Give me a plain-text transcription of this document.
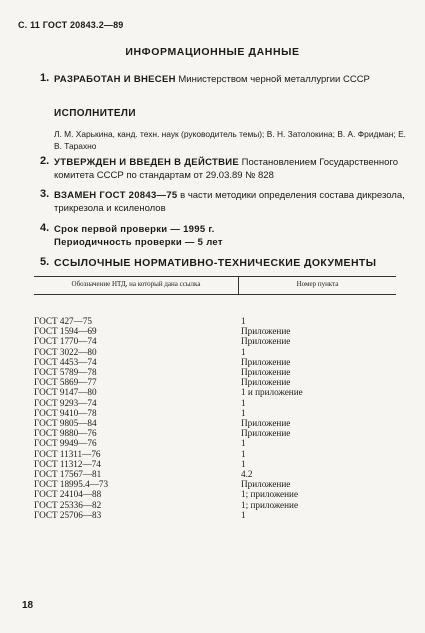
С. 11 ГОСТ 20843.2—89
ИНФОРМАЦИОННЫЕ ДАННЫЕ
1. РАЗРАБОТАН И ВНЕСЕН Министерством черной металлургии СССР
ИСПОЛНИТЕЛИ
Л. М. Харькина, канд. техн. наук (руководитель темы); В. Н. Затолокина; В. А. Фридман; Е. В. Тарахно
2. УТВЕРЖДЕН И ВВЕДЕН В ДЕЙСТВИЕ Постановлением Государственного комитета СССР по стандартам от 29.03.89 № 828
3. ВЗАМЕН ГОСТ 20843—75 в части методики определения состава дикрезола, трикрезола и ксиленолов
4. Срок первой проверки — 1995 г.
Периодичность проверки — 5 лет
5. ССЫЛОЧНЫЕ НОРМАТИВНО-ТЕХНИЧЕСКИЕ ДОКУМЕНТЫ
Обозначение НТД, на который дана ссылка	Номер пункта
ГОСТ 427—75	1
ГОСТ 1594—69	Приложение
ГОСТ 1770—74	Приложение
ГОСТ 3022—80	1
ГОСТ 4453—74	Приложение
ГОСТ 5789—78	Приложение
ГОСТ 5869—77	Приложение
ГОСТ 9147—80	1 и приложение
ГОСТ 9293—74	1
ГОСТ 9410—78	1
ГОСТ 9805—84	Приложение
ГОСТ 9880—76	Приложение
ГОСТ 9949—76	1
ГОСТ 11311—76	1
ГОСТ 11312—74	1
ГОСТ 17567—81	4.2
ГОСТ 18995.4—73	Приложение
ГОСТ 24104—88	1; приложение
ГОСТ 25336—82	1; приложение
ГОСТ 25706—83	1
18
